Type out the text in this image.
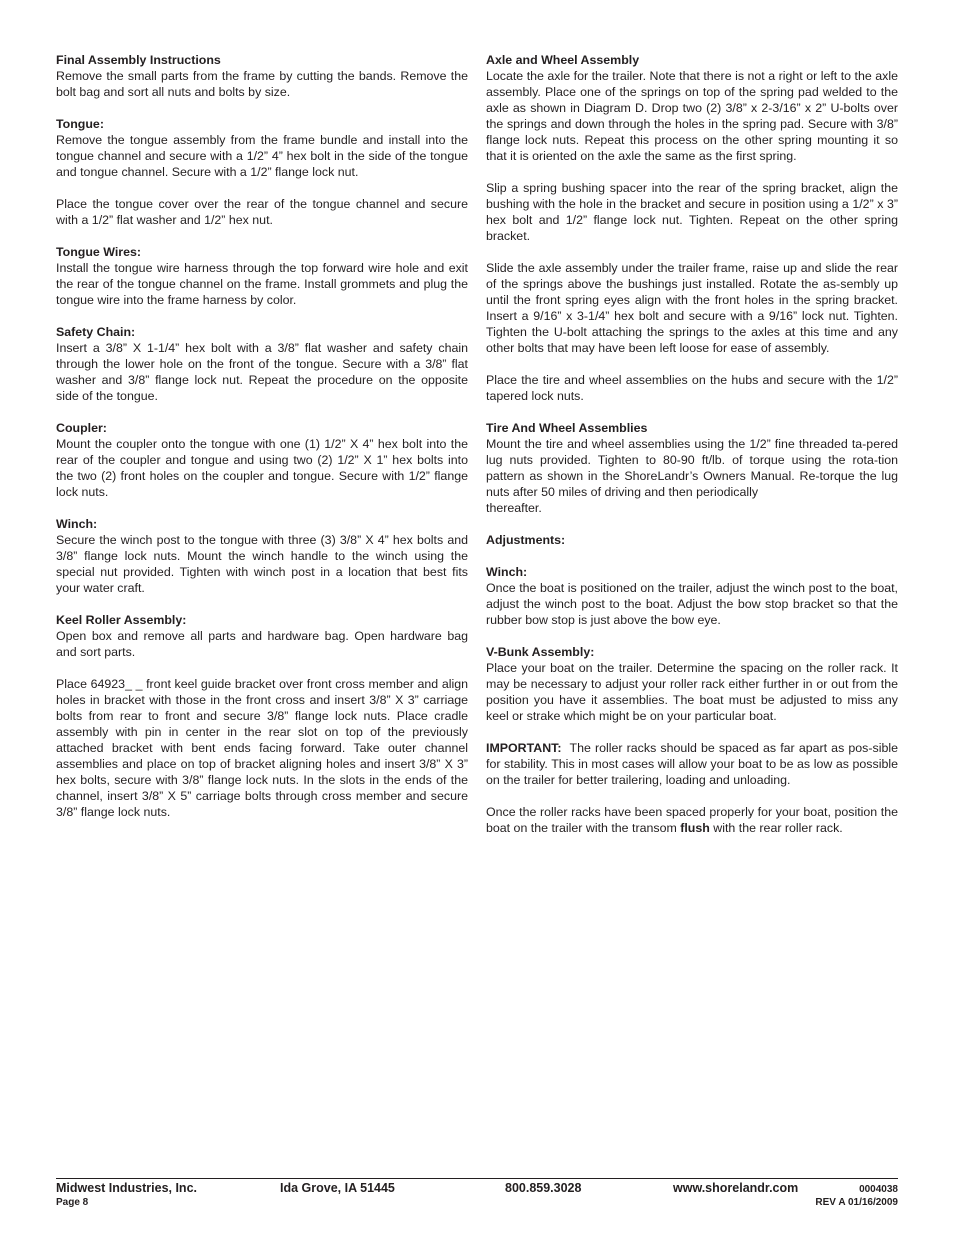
Final Assembly Instructions

Remove the small parts from the frame by cutting the bands. Remove the bolt bag and sort all nuts and bolts by size.

Tongue:

Remove the tongue assembly from the frame bundle and install into the tongue channel and secure with a 1/2” 4” hex bolt in the side of the tongue and tongue channel. Secure with a 1/2” flange lock nut.

Place the tongue cover over the rear of the tongue channel and secure with a 1/2” flat washer and 1/2” hex nut.

Tongue Wires:

Install the tongue wire harness through the top forward wire hole and exit the rear of the tongue channel on the frame. Install grommets and plug the tongue wire into the frame harness by color.

Safety Chain:

Insert a 3/8” X 1-1/4” hex bolt with a 3/8” flat washer and safety chain through the lower hole on the front of the tongue. Secure with a 3/8” flat washer and 3/8” flange lock nut. Repeat the procedure on the opposite side of the tongue.

Coupler:

Mount the coupler onto the tongue with one (1) 1/2” X 4” hex bolt into the rear of the coupler and tongue and using two (2) 1/2” X 1” hex bolts into the two (2) front holes on the coupler and tongue. Secure with 1/2” flange lock nuts.

Winch:

Secure the winch post to the tongue with three (3) 3/8” X 4” hex bolts and 3/8” flange lock nuts. Mount the winch handle to the winch using the special nut provided. Tighten with winch post in a location that best fits your water craft.

Keel Roller Assembly:

Open box and remove all parts and hardware bag. Open hardware bag and sort parts.

Place 64923_ _ front keel guide bracket over front cross member and align holes in bracket with those in the front cross and insert 3/8” X 3” carriage bolts from rear to front and secure 3/8” flange lock nuts. Place cradle assembly with pin in center in the rear slot on top of the previously attached bracket with bent ends facing forward. Take outer channel assemblies and place on top of bracket aligning holes and insert 3/8” X 3” hex bolts, secure with 3/8” flange lock nuts. In the slots in the ends of the channel, insert 3/8” X 5” carriage bolts through cross member and secure 3/8” flange lock nuts.

Axle and Wheel Assembly

Locate the axle for the trailer. Note that there is not a right or left to the axle assembly. Place one of the springs on top of the spring pad welded to the axle as shown in Diagram D. Drop two (2) 3/8” x 2-3/16” x 2” U-bolts over the springs and down through the holes in the spring pad. Secure with 3/8” flange lock nuts. Repeat this process on the other spring mounting it so that it is oriented on the axle the same as the first spring.

Slip a spring bushing spacer into the rear of the spring bracket, align the bushing with the hole in the bracket and secure in position using a 1/2” x 3” hex bolt and 1/2” flange lock nut. Tighten. Repeat on the other spring bracket.

Slide the axle assembly under the trailer frame, raise up and slide the rear of the springs above the bushings just installed. Rotate the as-sembly up until the front spring eyes align with the front holes in the spring bracket. Insert a 9/16” x 3-1/4” hex bolt and secure with a 9/16” lock nut. Tighten. Tighten the U-bolt attaching the springs to the axles at this time and any other bolts that may have been left loose for ease of assembly.

Place the tire and wheel assemblies on the hubs and secure with the 1/2” tapered lock nuts.

Tire And Wheel Assemblies

Mount the tire and wheel assemblies using the 1/2” fine threaded ta-pered lug nuts provided. Tighten to 80-90 ft/lb. of torque using the rota-tion pattern as shown in the ShoreLandr’s Owners Manual. Re-torque the lug nuts after 50 miles of driving and then periodically

thereafter.

Adjustments:
Winch:

Once the boat is positioned on the trailer, adjust the winch post to the boat, adjust the winch post to the boat. Adjust the bow stop bracket so that the rubber bow stop is just above the bow eye.

V-Bunk Assembly:

Place your boat on the trailer. Determine the spacing on the roller rack. It may be necessary to adjust your roller rack either further in or out from the position you have it assemblies. The boat must be adjusted to miss any keel or strake which might be on your particular boat.

IMPORTANT: The roller racks should be spaced as far apart as pos-sible for stability. This in most cases will allow your boat to be as low as possible on the trailer for better trailering, loading and unloading.

Once the roller racks have been spaced properly for your boat, position the boat on the trailer with the transom flush with the rear roller rack.

Midwest Industries, Inc.
Page 8
Ida Grove, IA 51445	800.859.3028	www.shorelandr.com	0004038
REV A 01/16/2009
